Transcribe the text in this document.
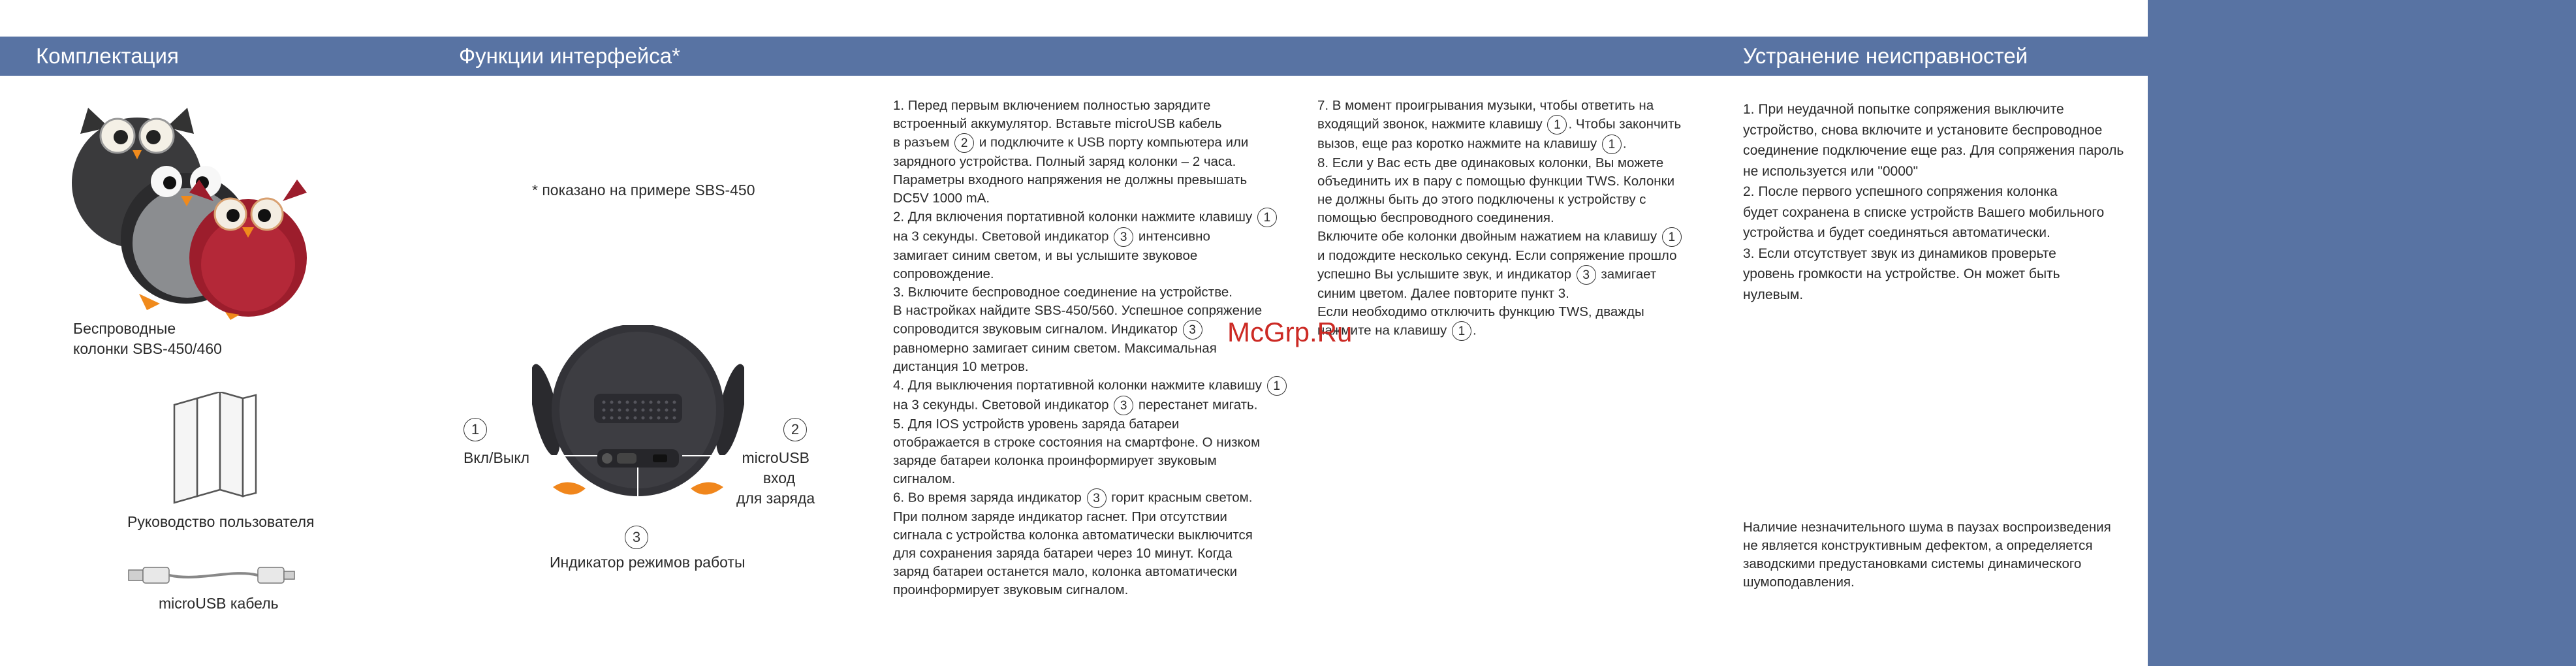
Комплектация	Функции интерфейса*	Устранение неисправностей
Беспроводные
колонки SBS-450/460
Руководство пользователя
microUSB кабель
* показано на примере SBS-450
1
Вкл/Выкл
2
microUSB
вход
для заряда
3
Индикатор режимов работы
1. Перед первым включением полностью зарядите
встроенный аккумулятор. Вставьте microUSB кабель
в разъем 2 и подключите к USB порту компьютера или
зарядного устройства. Полный заряд колонки – 2 часа.
Параметры входного напряжения не должны превышать
DC5V 1000 mA.
2. Для включения портативной колонки нажмите клавишу 1
на 3 секунды. Световой индикатор 3 интенсивно
замигает синим светом, и вы услышите звуковое
сопровождение.
3. Включите беспроводное соединение на устройстве.
В настройках найдите SBS-450/560. Успешное сопряжение
сопроводится звуковым сигналом. Индикатор 3
равномерно замигает синим светом. Максимальная
дистанция 10 метров.
4. Для выключения портативной колонки нажмите клавишу 1
на 3 секунды. Световой индикатор 3 перестанет мигать.
5. Для IOS устройств уровень заряда батареи
отображается в строке состояния на смартфоне. О низком
заряде батареи колонка проинформирует звуковым
сигналом.
6. Во время заряда индикатор 3 горит красным светом.
При полном заряде индикатор гаснет. При отсутствии
сигнала с устройства колонка автоматически выключится
для сохранения заряда батареи через 10 минут. Когда
заряд батареи останется мало, колонка автоматически
проинформирует звуковым сигналом.
7. В момент проигрывания музыки, чтобы ответить на
входящий звонок, нажмите клавишу 1 . Чтобы закончить
вызов, еще раз коротко нажмите на клавишу 1 .
8. Если у Вас есть две одинаковых колонки, Вы можете
объединить их в пару с помощью функции TWS. Колонки
не должны быть до этого подключены к устройству с
помощью беспроводного соединения.
Включите обе колонки двойным нажатием на клавишу 1
и подождите несколько секунд. Если сопряжение прошло
успешно Вы услышите звук, и индикатор 3 замигает
синим цветом. Далее повторите пункт 3.
Если необходимо отключить функцию TWS, дважды
нажмите на клавишу 1 .
1. При неудачной попытке сопряжения выключите
устройство, снова включите и установите беспроводное
соединение подключение еще раз. Для сопряжения пароль
не используется или "0000"
2. После первого успешного сопряжения колонка
будет сохранена в списке устройств Вашего мобильного
устройства и будет соединяться автоматически.
3. Если отсутствует звук из динамиков проверьте
уровень громкости на устройстве. Он может быть
нулевым.
Наличие незначительного шума в паузах воспроизведения
не является конструктивным дефектом, а определяется
заводскими предустановками системы динамического
шумоподавления.
McGrp.Ru
